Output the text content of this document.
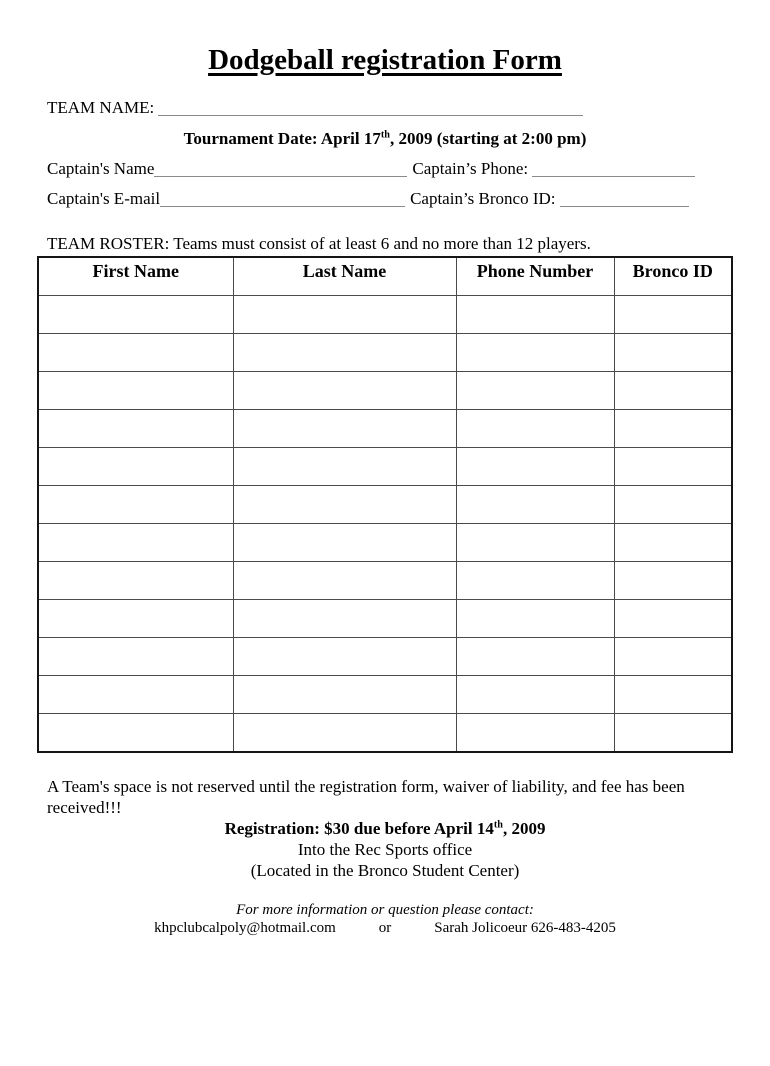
Dodgeball registration Form
TEAM NAME:
Tournament Date: April 17th, 2009 (starting at 2:00 pm)
Captain's Name	Captain’s Phone:
Captain's E-mail	Captain’s Bronco ID:
TEAM ROSTER: Teams must consist of at least 6 and no more than 12 players.
First Name	Last Name	Phone Number	Bronco ID

A Team's space is not reserved until the registration form, waiver of liability, and fee has been received!!!

Registration: $30 due before April 14th, 2009
Into the Rec Sports office
(Located in the Bronco Student Center)
For more information or question please contact:
khpclubcalpoly@hotmail.com	or	Sarah Jolicoeur 626-483-4205
